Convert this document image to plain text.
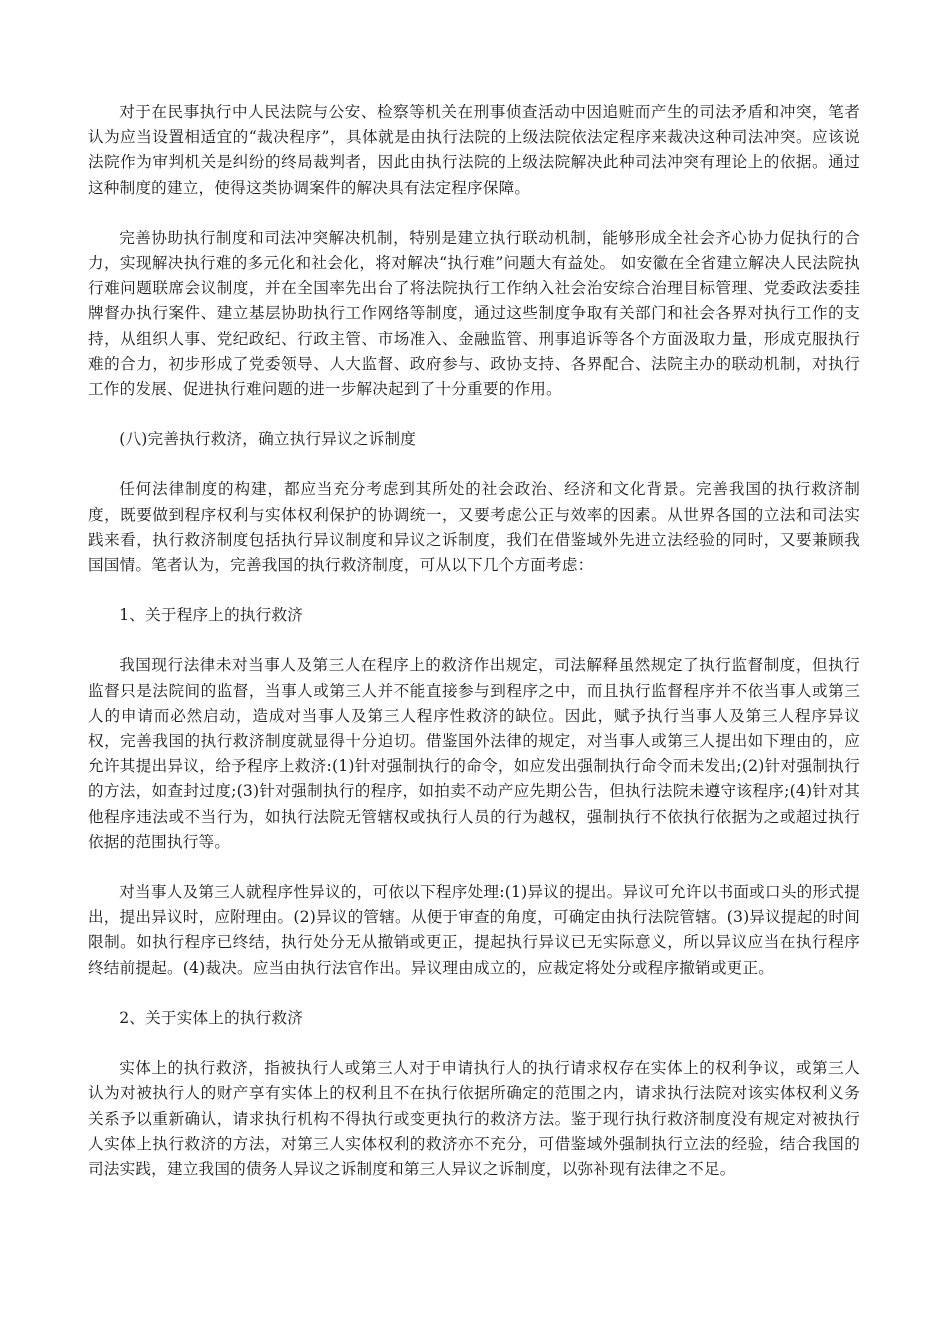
对于在民事执行中人民法院与公安、检察等机关在刑事侦查活动中因追赃而产生的司法矛盾和冲突，笔者认为应当设置相适宜的“裁决程序”，具体就是由执行法院的上级法院依法定程序来裁决这种司法冲突。应该说法院作为审判机关是纠纷的终局裁判者，因此由执行法院的上级法院解决此种司法冲突有理论上的依据。通过这种制度的建立，使得这类协调案件的解决具有法定程序保障。

完善协助执行制度和司法冲突解决机制，特别是建立执行联动机制，能够形成全社会齐心协力促执行的合力，实现解决执行难的多元化和社会化，将对解决“执行难”问题大有益处。 如安徽在全省建立解决人民法院执行难问题联席会议制度，并在全国率先出台了将法院执行工作纳入社会治安综合治理目标管理、党委政法委挂牌督办执行案件、建立基层协助执行工作网络等制度，通过这些制度争取有关部门和社会各界对执行工作的支持，从组织人事、党纪政纪、行政主管、市场准入、金融监管、刑事追诉等各个方面汲取力量，形成克服执行难的合力，初步形成了党委领导、人大监督、政府参与、政协支持、各界配合、法院主办的联动机制，对执行工作的发展、促进执行难问题的进一步解决起到了十分重要的作用。

(八)完善执行救济，确立执行异议之诉制度

任何法律制度的构建，都应当充分考虑到其所处的社会政治、经济和文化背景。完善我国的执行救济制度，既要做到程序权利与实体权利保护的协调统一，又要考虑公正与效率的因素。从世界各国的立法和司法实践来看，执行救济制度包括执行异议制度和异议之诉制度，我们在借鉴域外先进立法经验的同时，又要兼顾我国国情。笔者认为，完善我国的执行救济制度，可从以下几个方面考虑：

1、关于程序上的执行救济

我国现行法律未对当事人及第三人在程序上的救济作出规定，司法解释虽然规定了执行监督制度，但执行监督只是法院间的监督，当事人或第三人并不能直接参与到程序之中，而且执行监督程序并不依当事人或第三人的申请而必然启动，造成对当事人及第三人程序性救济的缺位。因此，赋予执行当事人及第三人程序异议权，完善我国的执行救济制度就显得十分迫切。借鉴国外法律的规定，对当事人或第三人提出如下理由的，应允许其提出异议，给予程序上救济:(1)针对强制执行的命令，如应发出强制执行命令而未发出;(2)针对强制执行的方法，如查封过度;(3)针对强制执行的程序，如拍卖不动产应先期公告，但执行法院未遵守该程序;(4)针对其他程序违法或不当行为，如执行法院无管辖权或执行人员的行为越权，强制执行不依执行依据为之或超过执行依据的范围执行等。

对当事人及第三人就程序性异议的，可依以下程序处理:(1)异议的提出。异议可允许以书面或口头的形式提出，提出异议时，应附理由。(2)异议的管辖。从便于审查的角度，可确定由执行法院管辖。(3)异议提起的时间限制。如执行程序已终结，执行处分无从撤销或更正，提起执行异议已无实际意义，所以异议应当在执行程序终结前提起。(4)裁决。应当由执行法官作出。异议理由成立的，应裁定将处分或程序撤销或更正。

2、关于实体上的执行救济

实体上的执行救济，指被执行人或第三人对于申请执行人的执行请求权存在实体上的权利争议，或第三人认为对被执行人的财产享有实体上的权利且不在执行依据所确定的范围之内，请求执行法院对该实体权利义务关系予以重新确认，请求执行机构不得执行或变更执行的救济方法。鉴于现行执行救济制度没有规定对被执行人实体上执行救济的方法，对第三人实体权利的救济亦不充分，可借鉴域外强制执行立法的经验，结合我国的司法实践，建立我国的债务人异议之诉制度和第三人异议之诉制度，以弥补现有法律之不足。
